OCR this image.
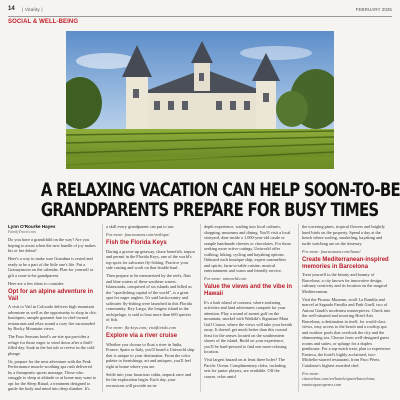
14 | Vitality |	FEBRUARY 2025
SOCIAL & WELL-BEING
A RELAXING VACATION CAN HELP SOON-TO-BE
GRANDPARENTS PREPARE FOR BUSY TIMES
Lynn O'Rourke Hayes
FamilyTravel.com

Do you have a grandchild on the way? Are you hoping to assist when the new bundle of joy makes his or her debut?

Here's a way to make sure Grandma is rested and ready to be a part of the little one's life. Put a Grannymoon on the calendar. Plan for yourself or gift a soon-to-be grandparent.

Here are a few ideas to consider:

Opt for an alpine adventure in Vail

A visit to Vail in Colorado delivers high mountain adventure as well as the opportunity to shop in chic boutiques, sample gourmet fare in chef-owned restaurants and relax aound a cozy fire surrounded by Rocky Mountain views.

The Four Seasons hotel's on-site spa provides a refuge for those eager to wind down after a thrill-filled day. Soak in the hot tub or revive in the cold plunge.

Or, prepare for the next adventure with the Peak Performance muscle-soothing spa rush delivered by a therapeutic sports massage. Those who struggle to sleep at altitude or at home may want to opt for the Sleep Ritual, a treatment designed to guide the body and mind into deep slumber. It's

a skill every grandparent can put to use.

For more: fourseasons.com/vail/spa/

Fish the Florida Keys

During a grown-up getaway, chase bonefish, tarpon and permit in the Florida Keys, one of the world's top spots for saltwater fly-fishing. Practice your side casting and work on that double haul.

Then prepare to be mesmerized by the reefs, flats and blue waters of these southern waters. Islamorada, comprised of six islands and billed as the "sportfishing capital of the world", is a great spot for eager anglers. It's said backcountry and saltwater fly-fishing were launched in this Florida community. Key Largo, the longest island in the archipelago, is said to host more than 600 species of fish.

For more: fla-keys.com; visitflorida.com

Explore via a river cruise

Whether you choose to float a river in India, France, Spain or Italy, you'll board a Uniworld ship that is unique to your destination. From the color palette to furnishings, art and antiques, you'll feel right at home where you are.

Settle into your luxurious cabin, unpack once and let the exploration begin. Each day, your excursions will provide an in-

depth experience, wading into local cultures, shopping, museums and dining. You'll visit a local vineyard, dine inside a 1,000-year-old castle or sample handmade cheeses or chocolates. For those seeking more active outings, Uniworld offer walking, hiking, cycling and kayaking options. Onboard each boutique ship, expert sommeliers and spirits, farm-to-table cuisine, musical entertainment and warm and friendly service.

For more: uniworld.com

Value the views and the vibe in Hawaii

It's a lush island of contrast, where seafaring activities and land adventures compete for your attention. Play a round of sunset golf on the mountain, snorkel with Waikiki's Signature Maui Gulf Course, where the views will take your breath away. It doesn't get much better than this coastal feast for the senses located on the southeastern shores of the island. Build on your experience, you'll be hard-pressed to find one more relaxing location.

Visit largest hazard on at least three holes? The Pacific Ocean. Complimentary clubs, including sets for junior players, are available. Off the course, relax amid

the towering pines, tropical flowers and brightly hued birds on the property. Spend a day at the beach where surfing, snorkeling, kayaking and turtle watching are on the itinerary.

For more: fourseasons.com/lanai/

Create Mediterranean-inspired memories in Barcelona

Treat yourself to the beauty and bounty of Barcelona, a city known for innovative design, culinary creativity and its location on the magical Mediterranean.

Visit the Picasso Museum, stroll La Rambla and marvel at Sagrada Família and Park Guell, two of Antoni Gaudi's modernist masterpieces. Check into the well-situated and towering Hotel Arts Barcelona, a destination in itself, for world-class views, easy access to the beach and a rooftop spa and outdoor pools that overlook the city and the shimmering sea. Choose from well-designed guest rooms and suites, or splurge for a duplex penthouse. For a top-notch treat, plan to experience Enoteca, the hotel's highly acclaimed, two-Michelin-starred restaurant, from Paco Pérez, Catalonia's highest awarded chef.

For more: ritzcarlton.com/en/hotels/spain/barcelona; enotecapacoperez.com
